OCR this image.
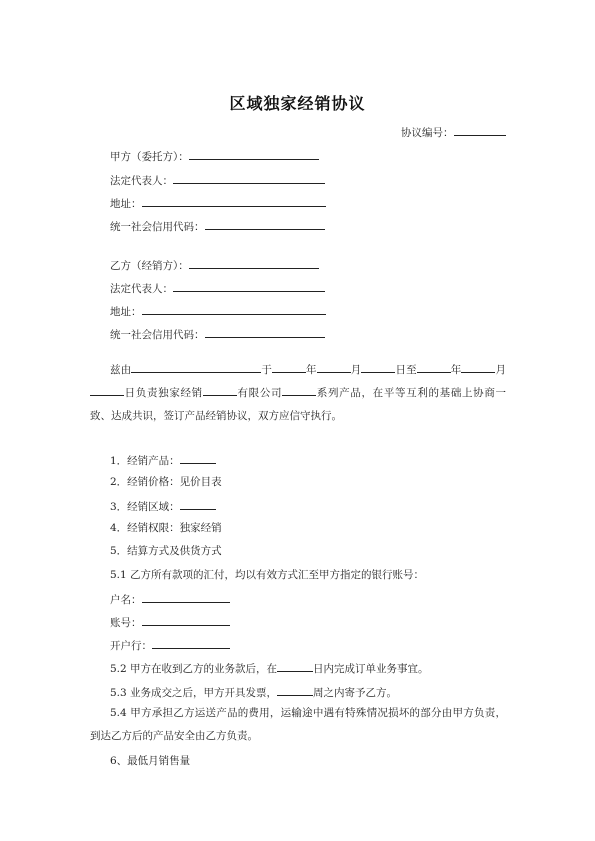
区域独家经销协议
协议编号：
甲方（委托方）：
法定代表人：
地址：
统一社会信用代码：
乙方（经销方）：
法定代表人：
地址：
统一社会信用代码：
兹由	于	年	月	日至	年	月日负责独家经销	有限公司	系列产品，在平等互利的基础上协商一致、达成共识，签订产品经销协议，双方应信守执行。
1．经销产品：
2．经销价格：见价目表
3．经销区域：
4．经销权限：独家经销
5．结算方式及供货方式
5.1 乙方所有款项的汇付，均以有效方式汇至甲方指定的银行账号：
户名：
账号：
开户行：
5.2 甲方在收到乙方的业务款后，在	日内完成订单业务事宜。
5.3 业务成交之后，甲方开具发票，	周之内寄予乙方。
5.4 甲方承担乙方运送产品的费用，运输途中遇有特殊情况损坏的部分由甲方负责，到达乙方后的产品安全由乙方负责。
6、最低月销售量
